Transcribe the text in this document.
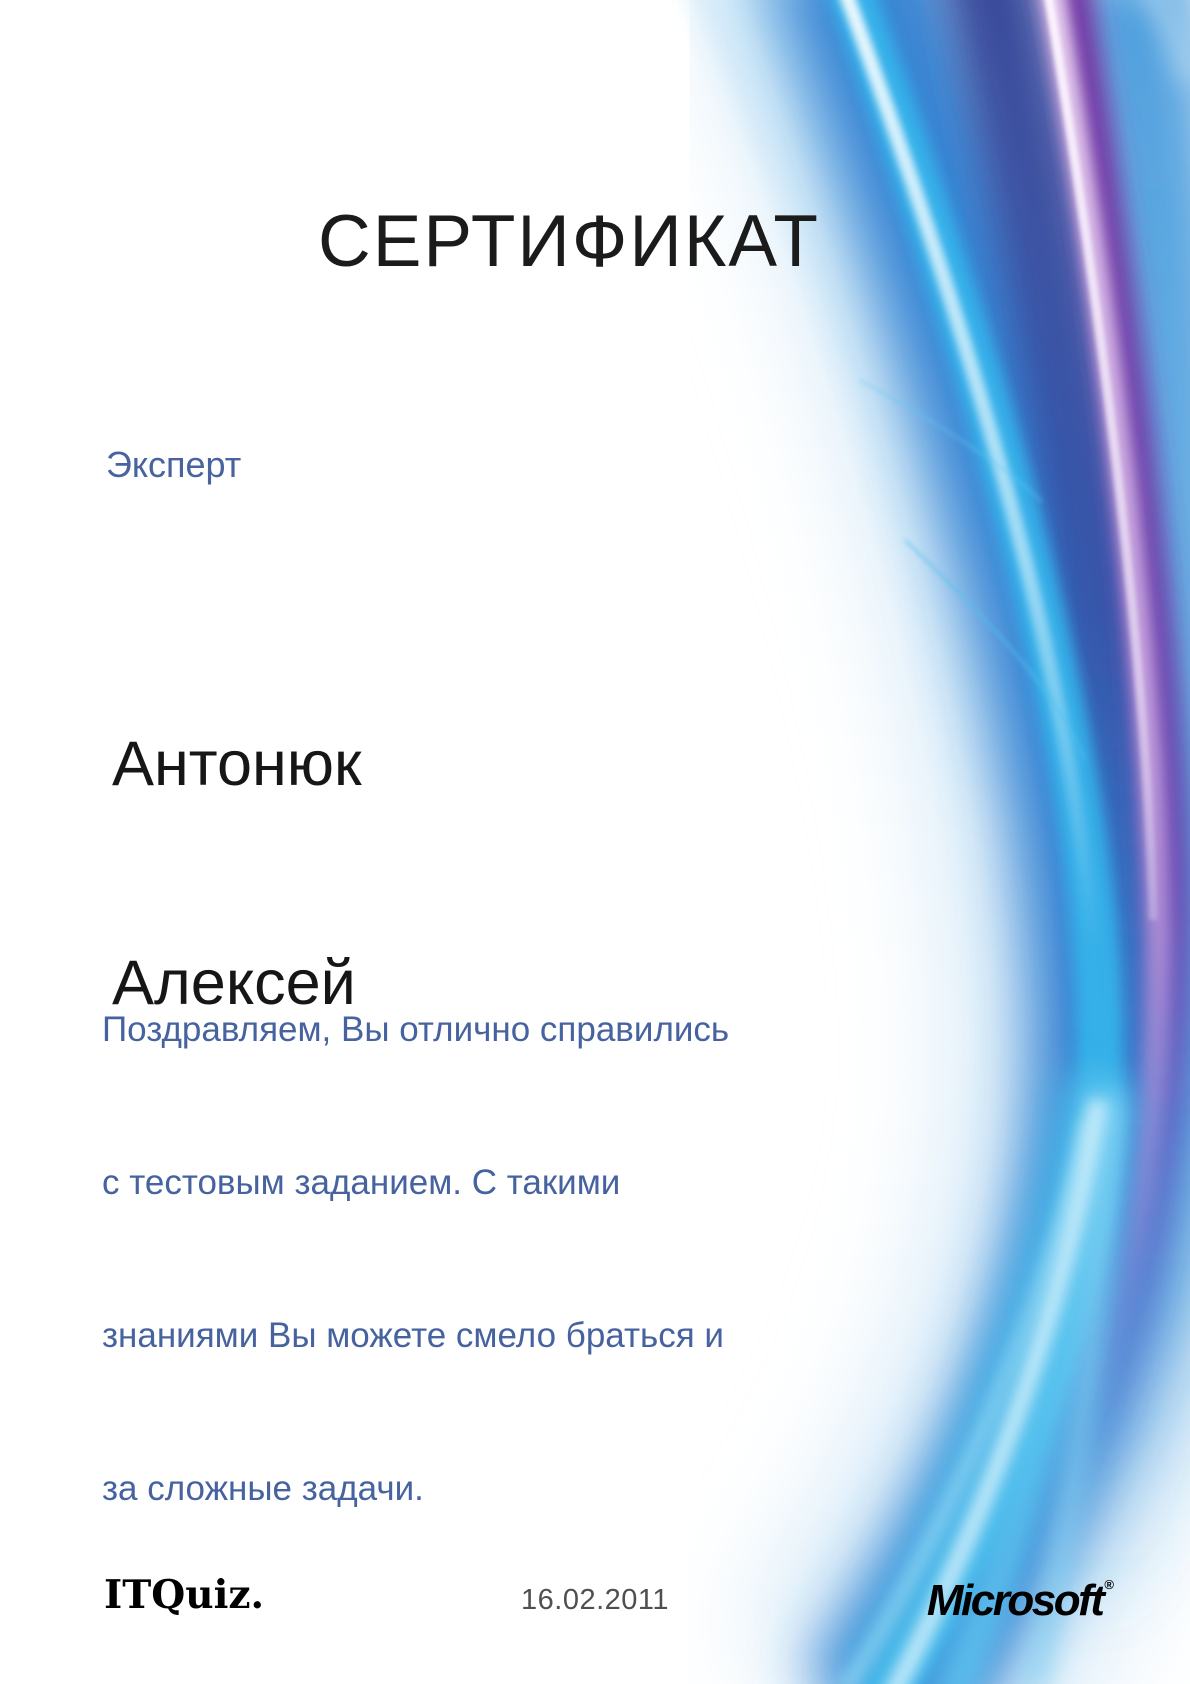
СЕРТИФИКАТ
Эксперт

Антонюк

Алексей

Поздравляем, Вы отлично справились

с тестовым заданием. С такими

знаниями Вы можете смело браться и

за сложные задачи.

ITQuiz.	16.02.2011	Microsoft ®
